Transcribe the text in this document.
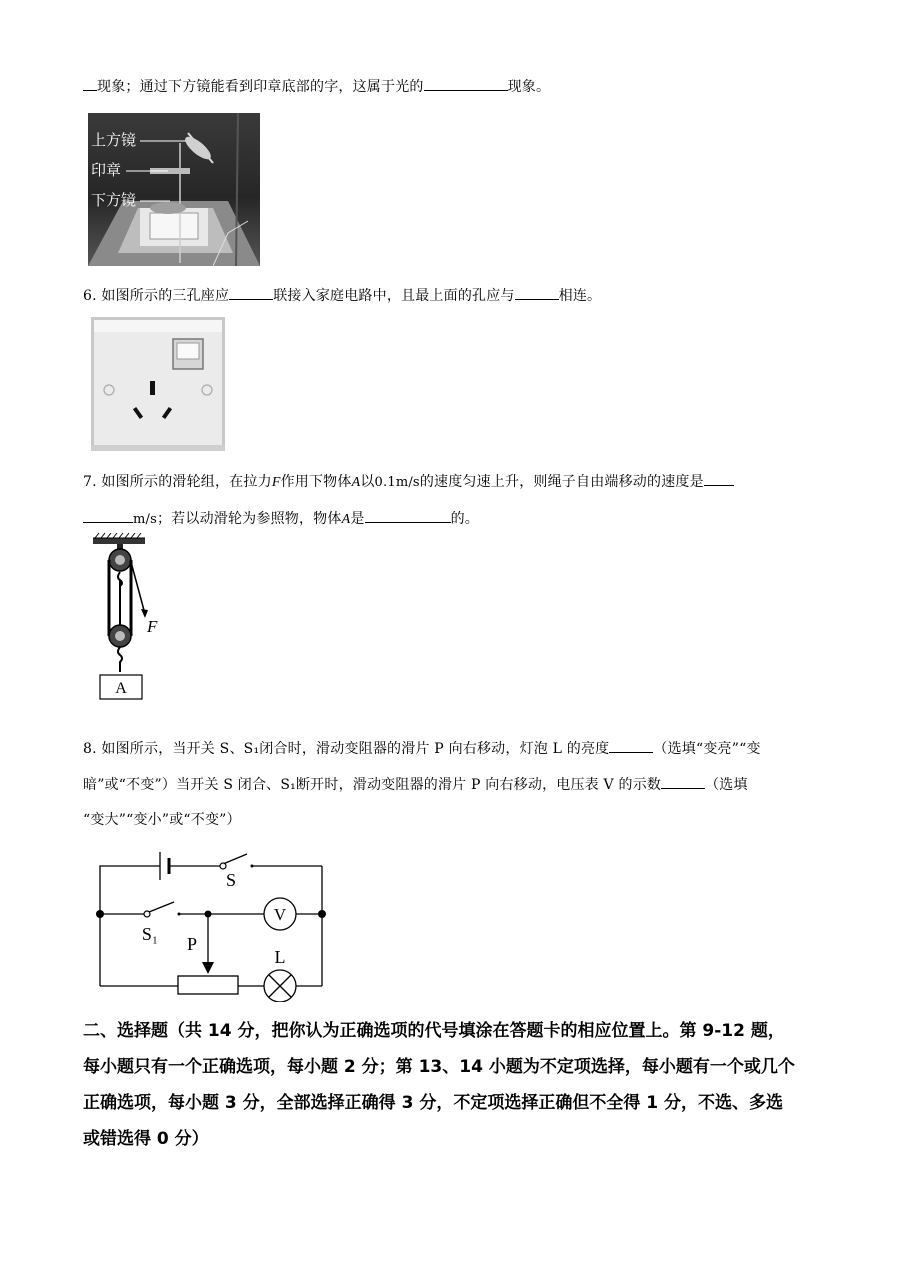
现象；通过下方镜能看到印章底部的字，这属于光的	现象。
上方镜
印章
下方镜
6. 如图所示的三孔座应	联接入家庭电路中，且最上面的孔应与	相连。
7. 如图所示的滑轮组，在拉力F作用下物体A以0.1m/s的速度匀速上升，则绳子自由端移动的速度是
m/s；若以动滑轮为参照物，物体A是	的。
F
A
8. 如图所示，当开关 S、S₁闭合时，滑动变阻器的滑片 P 向右移动，灯泡 L 的亮度	（选填“变亮”“变
暗”或“不变”）当开关 S 闭合、S₁断开时，滑动变阻器的滑片 P 向右移动，电压表 V 的示数	（选填
“变大”“变小”或“不变”）
V
S
S₁ P
L
二、选择题（共 14 分，把你认为正确选项的代号填涂在答题卡的相应位置上。第 9-12 题，
每小题只有一个正确选项，每小题 2 分；第 13、14 小题为不定项选择，每小题有一个或几个
正确选项，每小题 3 分，全部选择正确得 3 分，不定项选择正确但不全得 1 分，不选、多选
或错选得 0 分）
